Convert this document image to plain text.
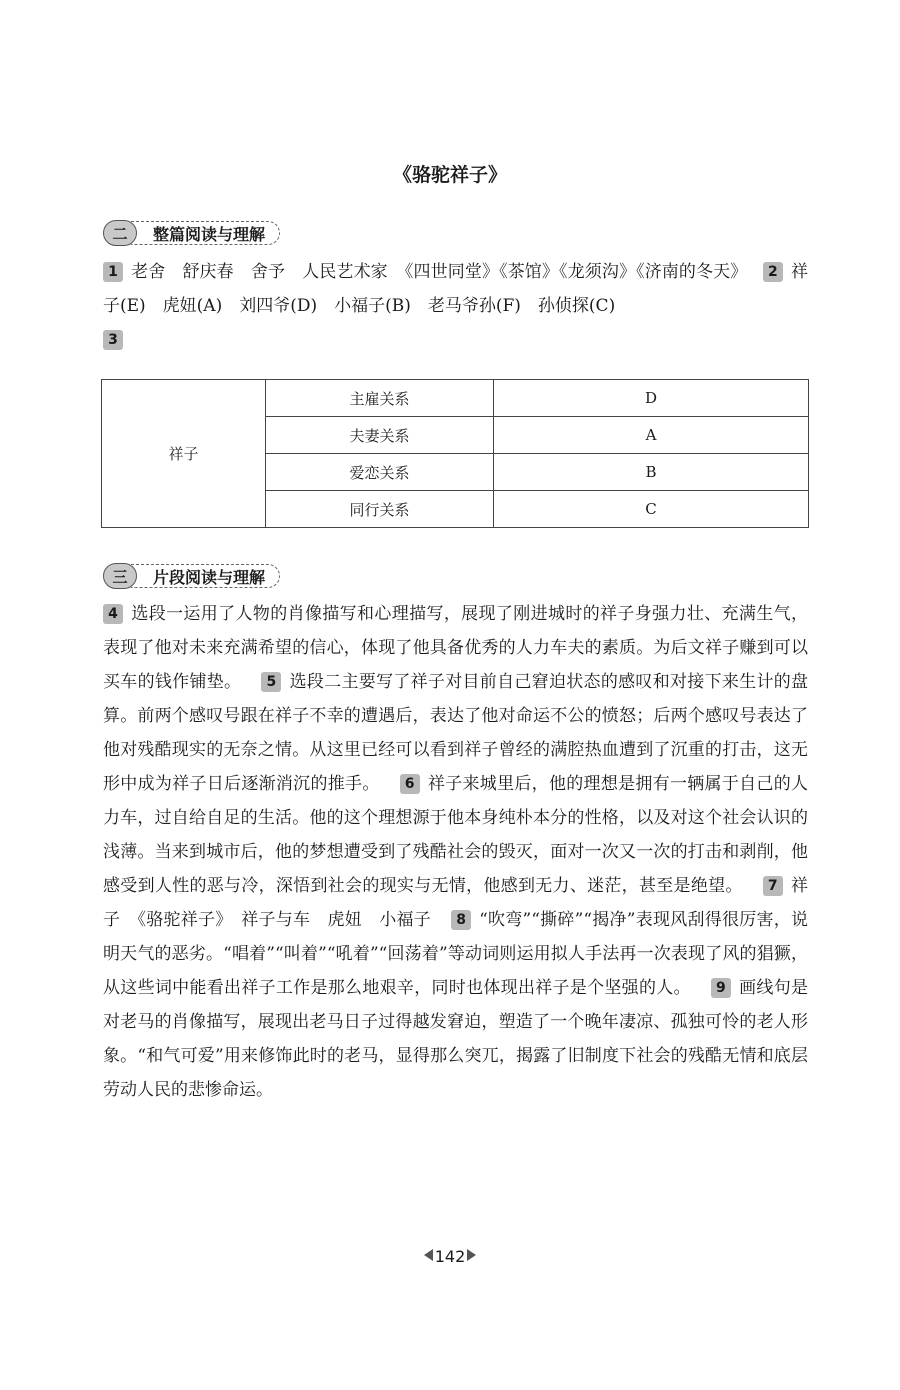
《骆驼祥子》
二	整篇阅读与理解
1 老舍　舒庆春　舍予　人民艺术家　《四世同堂》《茶馆》《龙须沟》《济南的冬天》 2 祥子(E)　虎妞(A)　刘四爷(D)　小福子(B)　老马爷孙(F)　孙侦探(C)
3
祥子	主雇关系	D
	夫妻关系	A
	爱恋关系	B
	同行关系	C
三	片段阅读与理解
4 选段一运用了人物的肖像描写和心理描写，展现了刚进城时的祥子身强力壮、充满生气，表现了他对未来充满希望的信心，体现了他具备优秀的人力车夫的素质。为后文祥子赚到可以买车的钱作铺垫。 5 选段二主要写了祥子对目前自己窘迫状态的感叹和对接下来生计的盘算。前两个感叹号跟在祥子不幸的遭遇后，表达了他对命运不公的愤怒；后两个感叹号表达了他对残酷现实的无奈之情。从这里已经可以看到祥子曾经的满腔热血遭到了沉重的打击，这无形中成为祥子日后逐渐消沉的推手。 6 祥子来城里后，他的理想是拥有一辆属于自己的人力车，过自给自足的生活。他的这个理想源于他本身纯朴本分的性格，以及对这个社会认识的浅薄。当来到城市后，他的梦想遭受到了残酷社会的毁灭，面对一次又一次的打击和剥削，他感受到人性的恶与冷，深悟到社会的现实与无情，他感到无力、迷茫，甚至是绝望。 7 祥子　《骆驼祥子》　祥子与车　虎妞　小福子 8 “吹弯”“撕碎”“揭净”表现风刮得很厉害，说明天气的恶劣。“唱着”“叫着”“吼着”“回荡着”等动词则运用拟人手法再一次表现了风的猖獗，从这些词中能看出祥子工作是那么地艰辛，同时也体现出祥子是个坚强的人。 9 画线句是对老马的肖像描写，展现出老马日子过得越发窘迫，塑造了一个晚年凄凉、孤独可怜的老人形象。“和气可爱”用来修饰此时的老马，显得那么突兀，揭露了旧制度下社会的残酷无情和底层劳动人民的悲惨命运。
142
